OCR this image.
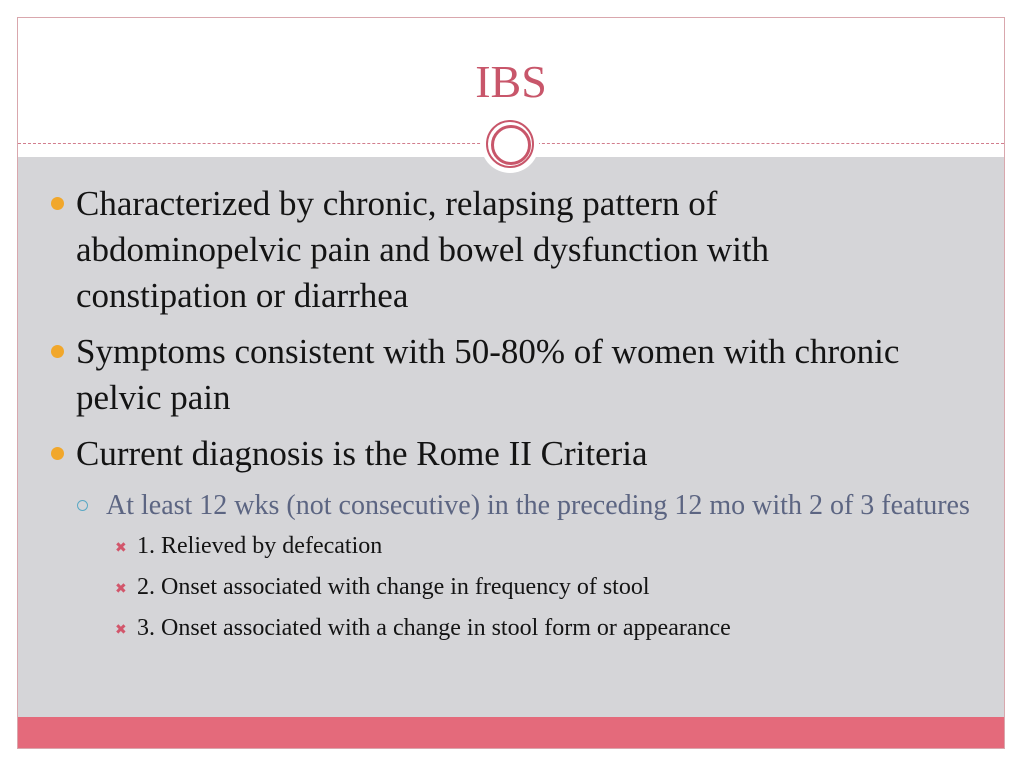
IBS
Characterized by chronic, relapsing pattern of abdominopelvic pain and bowel dysfunction with constipation or diarrhea
Symptoms consistent with 50-80% of women with chronic pelvic pain
Current diagnosis is the Rome II Criteria
At least 12 wks (not consecutive) in the preceding 12 mo with 2 of 3 features
✖ 1. Relieved by defecation
✖ 2. Onset associated with change in frequency of stool
✖ 3. Onset associated with a change in stool form or appearance
